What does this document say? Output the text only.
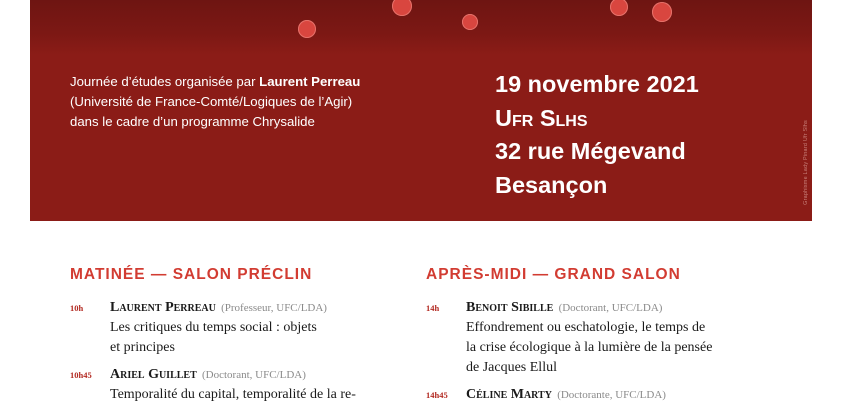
Journée d’études organisée par Laurent Perreau
(Université de France-Comté/Logiques de l’Agir)
dans le cadre d’un programme Chrysalide
19 novembre 2021
Ufr Slhs
32 rue Mégevand
Besançon	Graphisme Lady Pinard Ufr Slhs
MATINÉE — SALON PRÉCLIN
10h Laurent Perreau (Professeur, UFC/LDA)
Les critiques du temps social : objets
et principes
10h45 Ariel Guillet (Doctorant, UFC/LDA)
Temporalité du capital, temporalité de la re-
APRÈS-MIDI — GRAND SALON
14h Benoit Sibille (Doctorant, UFC/LDA)
Effondrement ou eschatologie, le temps de
la crise écologique à la lumière de la pensée
de Jacques Ellul
14h45 Céline Marty (Doctorante, UFC/LDA)
